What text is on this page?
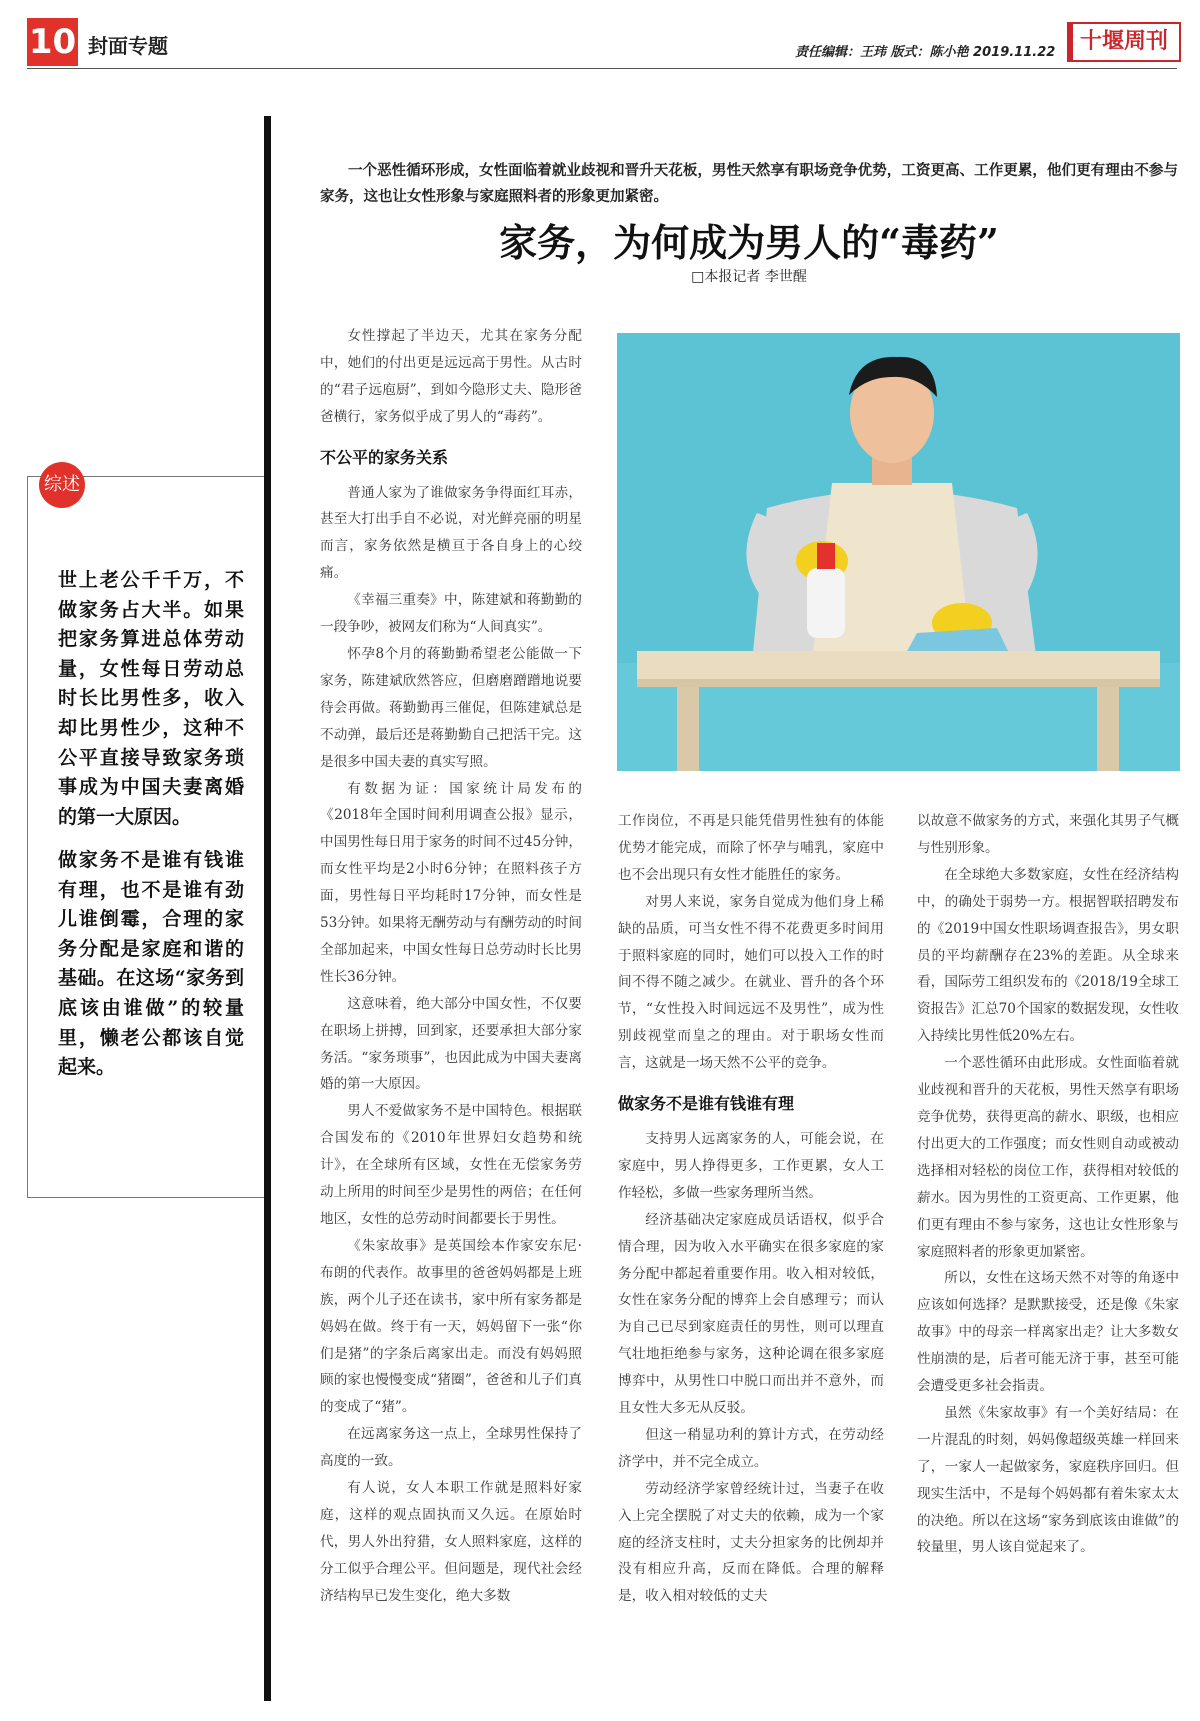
10 封面专题	责任编辑：王玮 版式：陈小艳 2019.11.22 十堰周刊
综述
世上老公千千万，不做家务占大半。如果把家务算进总体劳动量，女性每日劳动总时长比男性多，收入却比男性少，这种不公平直接导致家务琐事成为中国夫妻离婚的第一大原因。
做家务不是谁有钱谁有理，也不是谁有劲儿谁倒霉，合理的家务分配是家庭和谐的基础。在这场“家务到底该由谁做”的较量里，懒老公都该自觉起来。
一个恶性循环形成，女性面临着就业歧视和晋升天花板，男性天然享有职场竞争优势，工资更高、工作更累，他们更有理由不参与家务，这也让女性形象与家庭照料者的形象更加紧密。
家务，为何成为男人的“毒药”
□本报记者 李世醒

女性撑起了半边天，尤其在家务分配中，她们的付出更是远远高于男性。从古时的“君子远庖厨”，到如今隐形丈夫、隐形爸爸横行，家务似乎成了男人的“毒药”。

不公平的家务关系

普通人家为了谁做家务争得面红耳赤，甚至大打出手自不必说，对光鲜亮丽的明星而言，家务依然是横亘于各自身上的心绞痛。

《幸福三重奏》中，陈建斌和蒋勤勤的一段争吵，被网友们称为“人间真实”。

怀孕8个月的蒋勤勤希望老公能做一下家务，陈建斌欣然答应，但磨磨蹭蹭地说要待会再做。蒋勤勤再三催促，但陈建斌总是不动弹，最后还是蒋勤勤自己把活干完。这是很多中国夫妻的真实写照。

有数据为证：国家统计局发布的《2018年全国时间利用调查公报》显示，中国男性每日用于家务的时间不过45分钟，而女性平均是2小时6分钟；在照料孩子方面，男性每日平均耗时17分钟，而女性是53分钟。如果将无酬劳动与有酬劳动的时间全部加起来，中国女性每日总劳动时长比男性长36分钟。

这意味着，绝大部分中国女性，不仅要在职场上拼搏，回到家，还要承担大部分家务活。“家务琐事”，也因此成为中国夫妻离婚的第一大原因。

男人不爱做家务不是中国特色。根据联合国发布的《2010年世界妇女趋势和统计》，在全球所有区域，女性在无偿家务劳动上所用的时间至少是男性的两倍；在任何地区，女性的总劳动时间都要长于男性。

《朱家故事》是英国绘本作家安东尼·布朗的代表作。故事里的爸爸妈妈都是上班族，两个儿子还在读书，家中所有家务都是妈妈在做。终于有一天，妈妈留下一张“你们是猪”的字条后离家出走。而没有妈妈照顾的家也慢慢变成“猪圈”，爸爸和儿子们真的变成了“猪”。

在远离家务这一点上，全球男性保持了高度的一致。

有人说，女人本职工作就是照料好家庭，这样的观点固执而又久远。在原始时代，男人外出狩猎，女人照料家庭，这样的分工似乎合理公平。但问题是，现代社会经济结构早已发生变化，绝大多数

工作岗位，不再是只能凭借男性独有的体能优势才能完成，而除了怀孕与哺乳，家庭中也不会出现只有女性才能胜任的家务。

对男人来说，家务自觉成为他们身上稀缺的品质，可当女性不得不花费更多时间用于照料家庭的同时，她们可以投入工作的时间不得不随之减少。在就业、晋升的各个环节，“女性投入时间远远不及男性”，成为性别歧视堂而皇之的理由。对于职场女性而言，这就是一场天然不公平的竞争。

做家务不是谁有钱谁有理

支持男人远离家务的人，可能会说，在家庭中，男人挣得更多，工作更累，女人工作轻松，多做一些家务理所当然。

经济基础决定家庭成员话语权，似乎合情合理，因为收入水平确实在很多家庭的家务分配中都起着重要作用。收入相对较低，女性在家务分配的博弈上会自感理亏；而认为自己已尽到家庭责任的男性，则可以理直气壮地拒绝参与家务，这种论调在很多家庭博弈中，从男性口中脱口而出并不意外，而且女性大多无从反驳。

但这一稍显功利的算计方式，在劳动经济学中，并不完全成立。

劳动经济学家曾经统计过，当妻子在收入上完全摆脱了对丈夫的依赖，成为一个家庭的经济支柱时，丈夫分担家务的比例却并没有相应升高，反而在降低。合理的解释是，收入相对较低的丈夫

以故意不做家务的方式，来强化其男子气概与性别形象。

在全球绝大多数家庭，女性在经济结构中，的确处于弱势一方。根据智联招聘发布的《2019中国女性职场调查报告》，男女职员的平均薪酬存在23%的差距。从全球来看，国际劳工组织发布的《2018/19全球工资报告》汇总70个国家的数据发现，女性收入持续比男性低20%左右。

一个恶性循环由此形成。女性面临着就业歧视和晋升的天花板，男性天然享有职场竞争优势，获得更高的薪水、职级，也相应付出更大的工作强度；而女性则自动或被动选择相对轻松的岗位工作，获得相对较低的薪水。因为男性的工资更高、工作更累，他们更有理由不参与家务，这也让女性形象与家庭照料者的形象更加紧密。

所以，女性在这场天然不对等的角逐中应该如何选择？是默默接受，还是像《朱家故事》中的母亲一样离家出走？让大多数女性崩溃的是，后者可能无济于事，甚至可能会遭受更多社会指责。

虽然《朱家故事》有一个美好结局：在一片混乱的时刻，妈妈像超级英雄一样回来了，一家人一起做家务，家庭秩序回归。但现实生活中，不是每个妈妈都有着朱家太太的决绝。所以在这场“家务到底该由谁做”的较量里，男人该自觉起来了。
